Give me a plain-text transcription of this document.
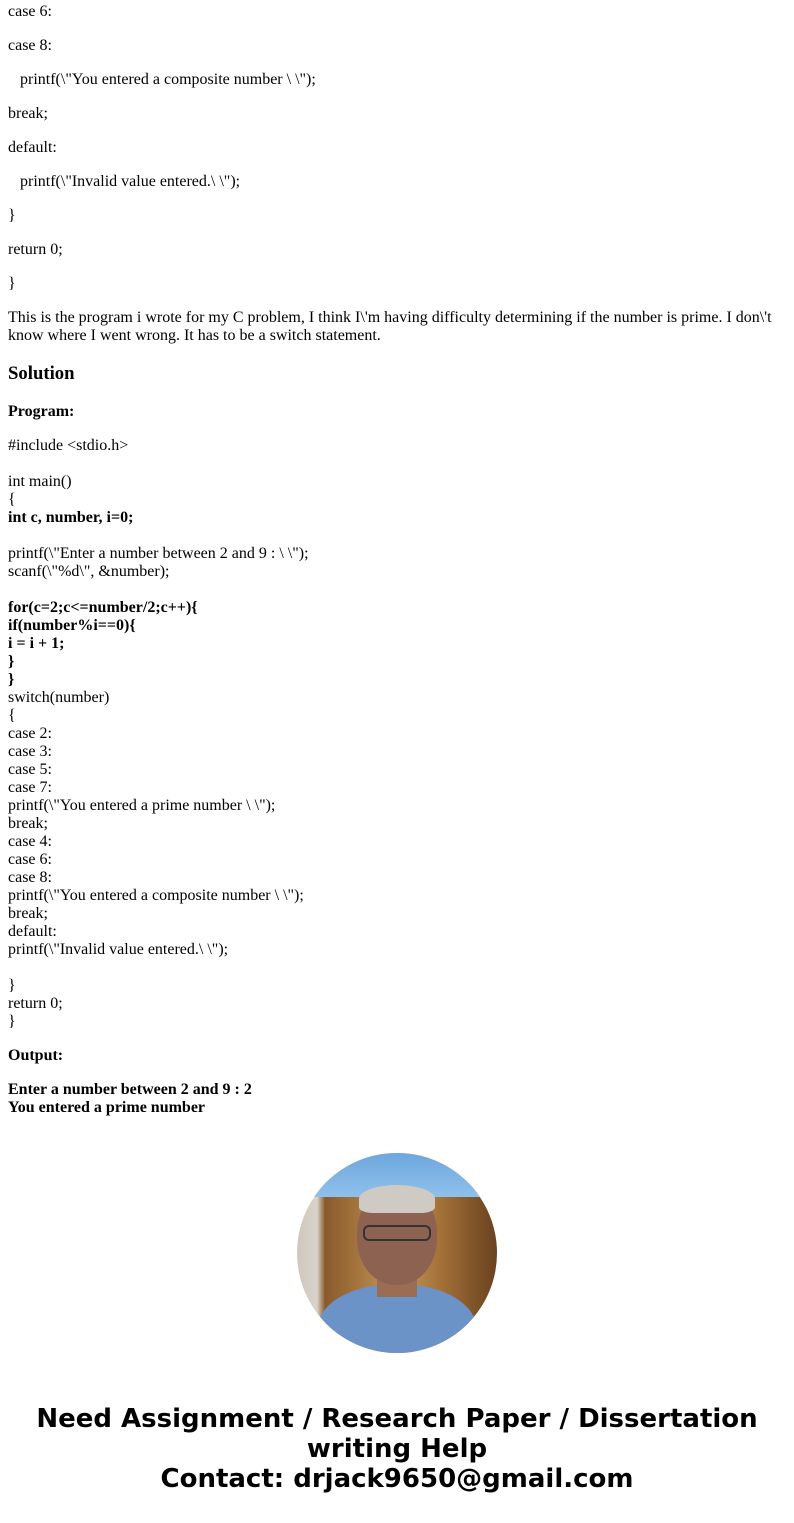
case 6:

case 8:

printf(\"You entered a composite number \ \");

break;

default:

printf(\"Invalid value entered.\ \");

}

return 0;

}

This is the program i wrote for my C problem, I think I\'m having difficulty determining if the number is prime. I don\'t know where I went wrong. It has to be a switch statement.

Solution

Program:

#include <stdio.h>
int main()
{
int c, number, i=0;
printf(\"Enter a number between 2 and 9 : \ \");
scanf(\"%d\", &number);
for(c=2;c<=number/2;c++){
if(number%i==0){
i = i + 1;
}
}
switch(number)
{
case 2:
case 3:
case 5:
case 7:
printf(\"You entered a prime number \ \");
break;
case 4:
case 6:
case 8:
printf(\"You entered a composite number \ \");
break;
default:
printf(\"Invalid value entered.\ \");
}
return 0;
}

Output:

Enter a number between 2 and 9 : 2
You entered a prime number

Need Assignment / Research Paper / Dissertation
writing Help
Contact: drjack9650@gmail.com
